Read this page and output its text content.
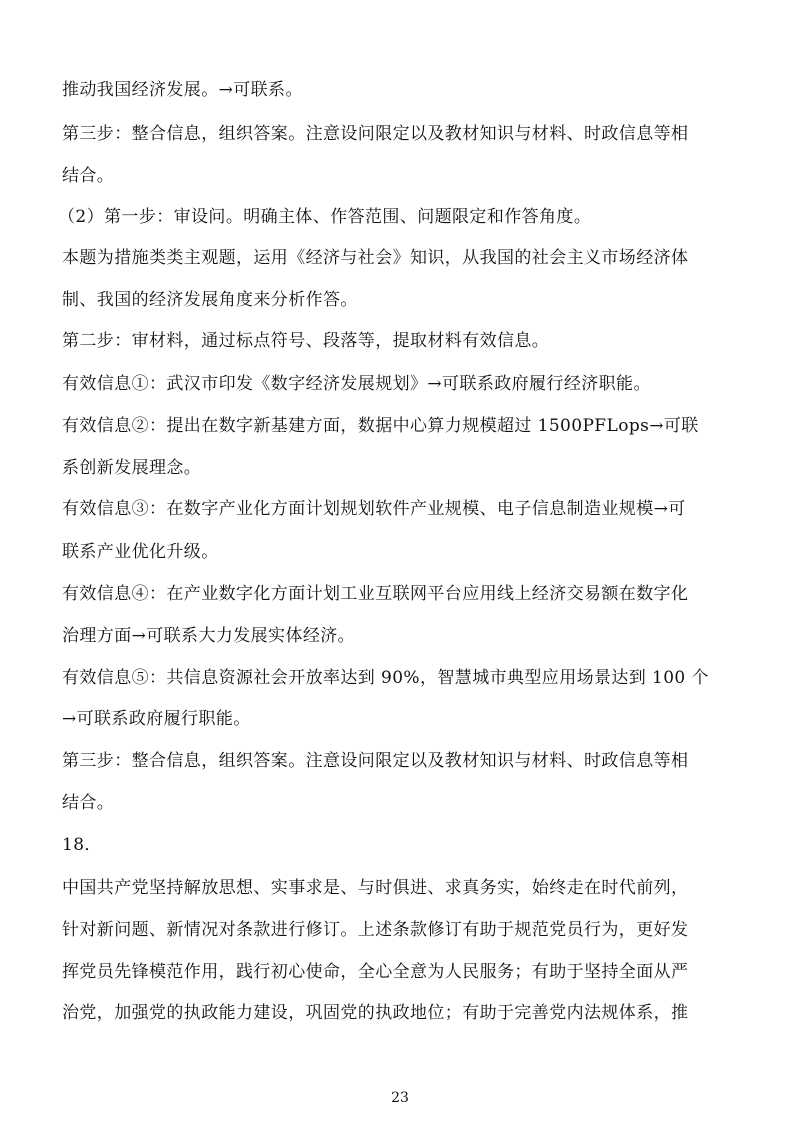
推动我国经济发展。→可联系。
第三步：整合信息，组织答案。注意设问限定以及教材知识与材料、时政信息等相
结合。
（2）第一步：审设问。明确主体、作答范围、问题限定和作答角度。
本题为措施类类主观题，运用《经济与社会》知识，从我国的社会主义市场经济体
制、我国的经济发展角度来分析作答。
第二步：审材料，通过标点符号、段落等，提取材料有效信息。
有效信息①：武汉市印发《数字经济发展规划》→可联系政府履行经济职能。
有效信息②：提出在数字新基建方面，数据中心算力规模超过 1500PFLops→可联
系创新发展理念。
有效信息③：在数字产业化方面计划规划软件产业规模、电子信息制造业规模→可
联系产业优化升级。
有效信息④：在产业数字化方面计划工业互联网平台应用线上经济交易额在数字化
治理方面→可联系大力发展实体经济。
有效信息⑤：共信息资源社会开放率达到 90%，智慧城市典型应用场景达到 100 个
→可联系政府履行职能。
第三步：整合信息，组织答案。注意设问限定以及教材知识与材料、时政信息等相
结合。
18．
中国共产党坚持解放思想、实事求是、与时俱进、求真务实，始终走在时代前列，
针对新问题、新情况对条款进行修订。上述条款修订有助于规范党员行为，更好发
挥党员先锋模范作用，践行初心使命，全心全意为人民服务；有助于坚持全面从严
治党，加强党的执政能力建设，巩固党的执政地位；有助于完善党内法规体系，推
23
